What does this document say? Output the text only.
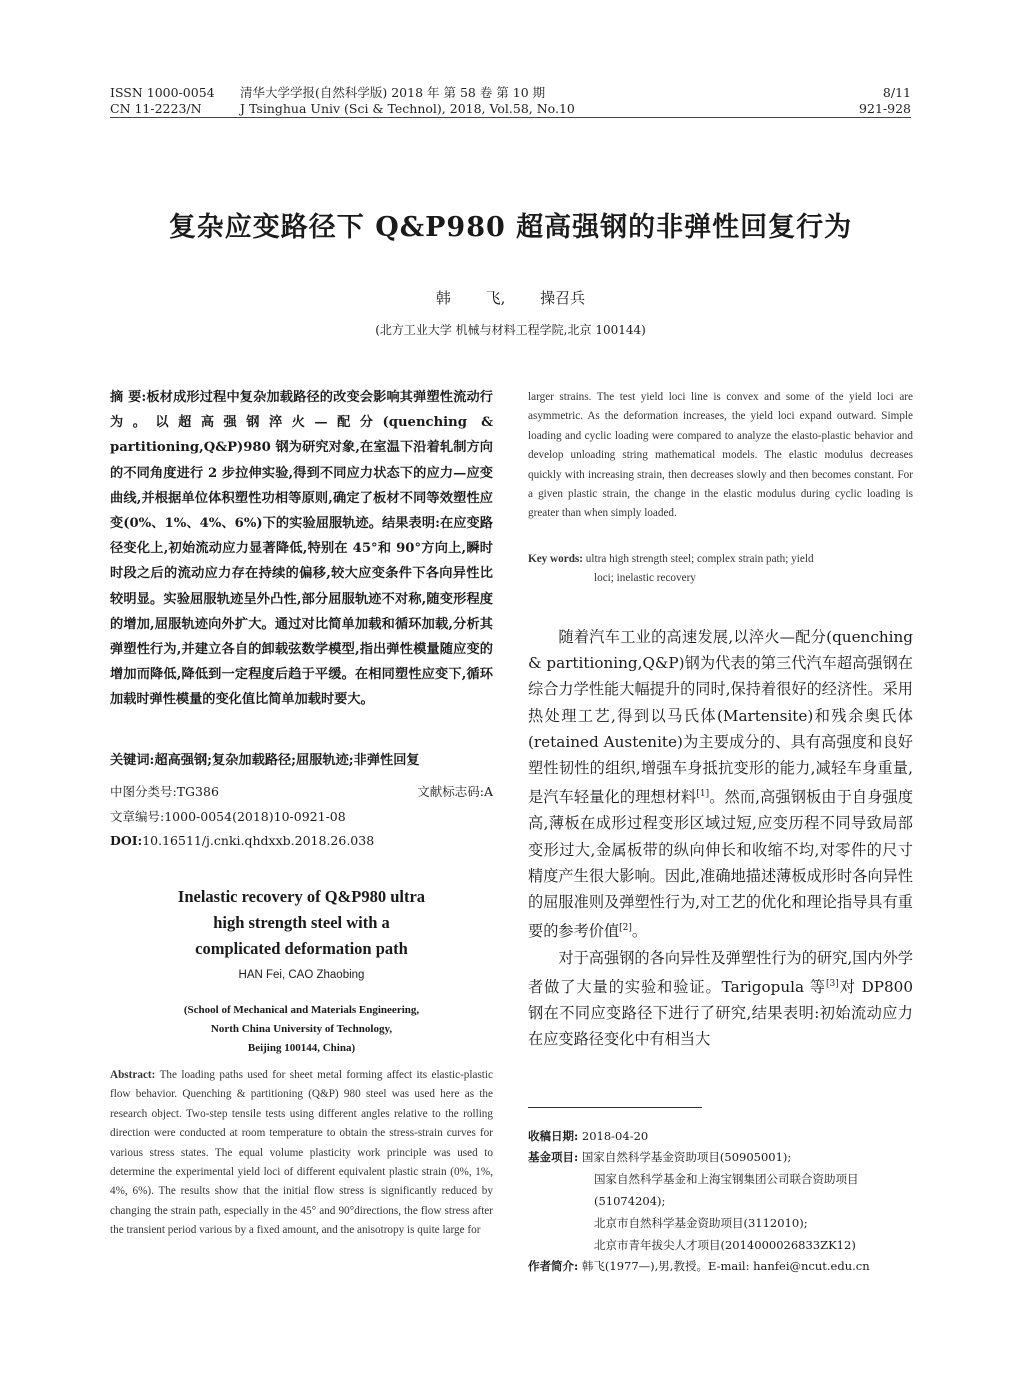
ISSN 1000-0054
CN 11-2223/N
清华大学学报(自然科学版) 2018 年 第 58 卷 第 10 期
J Tsinghua Univ (Sci & Technol), 2018, Vol.58, No.10
8/11
921-928
复杂应变路径下 Q&P980 超高强钢的非弹性回复行为
韩 飞, 操召兵
(北方工业大学 机械与材料工程学院,北京 100144)
摘 要:板材成形过程中复杂加载路径的改变会影响其弹塑性流动行为。以超高强钢淬火—配分(quenching & partitioning,Q&P)980 钢为研究对象,在室温下沿着轧制方向的不同角度进行 2 步拉伸实验,得到不同应力状态下的应力—应变曲线,并根据单位体积塑性功相等原则,确定了板材不同等效塑性应变(0%、1%、4%、6%)下的实验屈服轨迹。结果表明:在应变路径变化上,初始流动应力显著降低,特别在 45°和 90°方向上,瞬时时段之后的流动应力存在持续的偏移,较大应变条件下各向异性比较明显。实验屈服轨迹呈外凸性,部分屈服轨迹不对称,随变形程度的增加,屈服轨迹向外扩大。通过对比简单加载和循环加载,分析其弹塑性行为,并建立各自的卸载弦数学模型,指出弹性模量随应变的增加而降低,降低到一定程度后趋于平缓。在相同塑性应变下,循环加载时弹性模量的变化值比简单加载时要大。
关键词:超高强钢;复杂加载路径;屈服轨迹;非弹性回复
中图分类号:TG386	文献标志码:A
文章编号:1000-0054(2018)10-0921-08
DOI:10.16511/j.cnki.qhdxxb.2018.26.038
Inelastic recovery of Q&P980 ultra
high strength steel with a
complicated deformation path
HAN Fei, CAO Zhaobing
(School of Mechanical and Materials Engineering,
North China University of Technology,
Beijing 100144, China)
Abstract: The loading paths used for sheet metal forming affect its elastic-plastic flow behavior. Quenching & partitioning (Q&P) 980 steel was used here as the research object. Two-step tensile tests using different angles relative to the rolling direction were conducted at room temperature to obtain the stress-strain curves for various stress states. The equal volume plasticity work principle was used to determine the experimental yield loci of different equivalent plastic strain (0%, 1%, 4%, 6%). The results show that the initial flow stress is significantly reduced by changing the strain path, especially in the 45° and 90°directions, the flow stress after the transient period various by a fixed amount, and the anisotropy is quite large for
larger strains. The test yield loci line is convex and some of the yield loci are asymmetric. As the deformation increases, the yield loci expand outward. Simple loading and cyclic loading were compared to analyze the elasto-plastic behavior and develop unloading string mathematical models. The elastic modulus decreases quickly with increasing strain, then decreases slowly and then becomes constant. For a given plastic strain, the change in the elastic modulus during cyclic loading is greater than when simply loaded.
Key words: ultra high strength steel; complex strain path; yield
loci; inelastic recovery

随着汽车工业的高速发展,以淬火—配分(quenching & partitioning,Q&P)钢为代表的第三代汽车超高强钢在综合力学性能大幅提升的同时,保持着很好的经济性。采用热处理工艺,得到以马氏体(Martensite)和残余奥氏体(retained Austenite)为主要成分的、具有高强度和良好塑性韧性的组织,增强车身抵抗变形的能力,减轻车身重量,是汽车轻量化的理想材料[1]。然而,高强钢板由于自身强度高,薄板在成形过程变形区域过短,应变历程不同导致局部变形过大,金属板带的纵向伸长和收缩不均,对零件的尺寸精度产生很大影响。因此,准确地描述薄板成形时各向异性的屈服准则及弹塑性行为,对工艺的优化和理论指导具有重要的参考价值[2]。

对于高强钢的各向异性及弹塑性行为的研究,国内外学者做了大量的实验和验证。Tarigopula 等[3]对 DP800 钢在不同应变路径下进行了研究,结果表明:初始流动应力在应变路径变化中有相当大

收稿日期: 2018-04-20
基金项目: 国家自然科学基金资助项目(50905001);
国家自然科学基金和上海宝钢集团公司联合资助项目
(51074204);
北京市自然科学基金资助项目(3112010);
北京市青年拔尖人才项目(2014000026833ZK12)
作者简介: 韩飞(1977—),男,教授。E-mail: hanfei@ncut.edu.cn
